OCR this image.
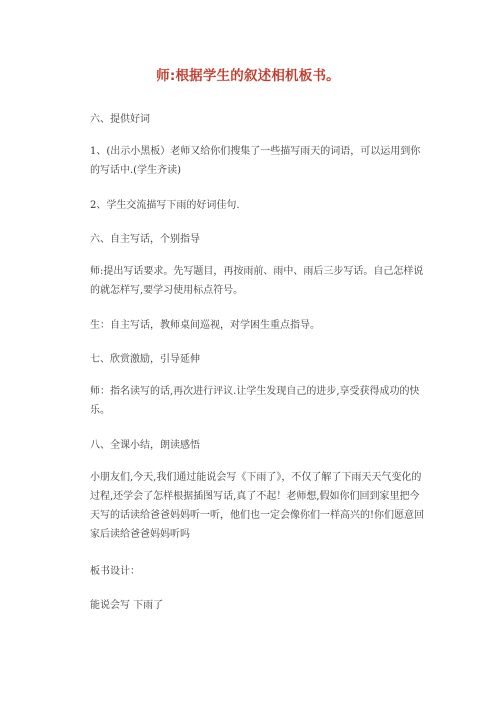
师:根据学生的叙述相机板书。

六、提供好词

1、(出示小黑板）老师又给你们搜集了一些描写雨天的词语，可以运用到你的写话中.(学生齐读)

2、学生交流描写下雨的好词佳句.

六、自主写话，个别指导

师:提出写话要求。先写题目，再按雨前、雨中、雨后三步写话。自己怎样说的就怎样写,要学习使用标点符号。

生：自主写话，教师桌间巡视，对学困生重点指导。

七、欣赏激励，引导延伸

师：指名读写的话,再次进行评议.让学生发现自己的进步,享受获得成功的快乐。

八、全课小结，朗读感悟

小朋友们,今天,我们通过能说会写《下雨了》，不仅了解了下雨天天气变化的过程,还学会了怎样根据插图写话,真了不起！老师想,假如你们回到家里把今天写的话读给爸爸妈妈听一听，他们也一定会像你们一样高兴的!你们愿意回家后读给爸爸妈妈听吗

板书设计：

能说会写 下雨了
